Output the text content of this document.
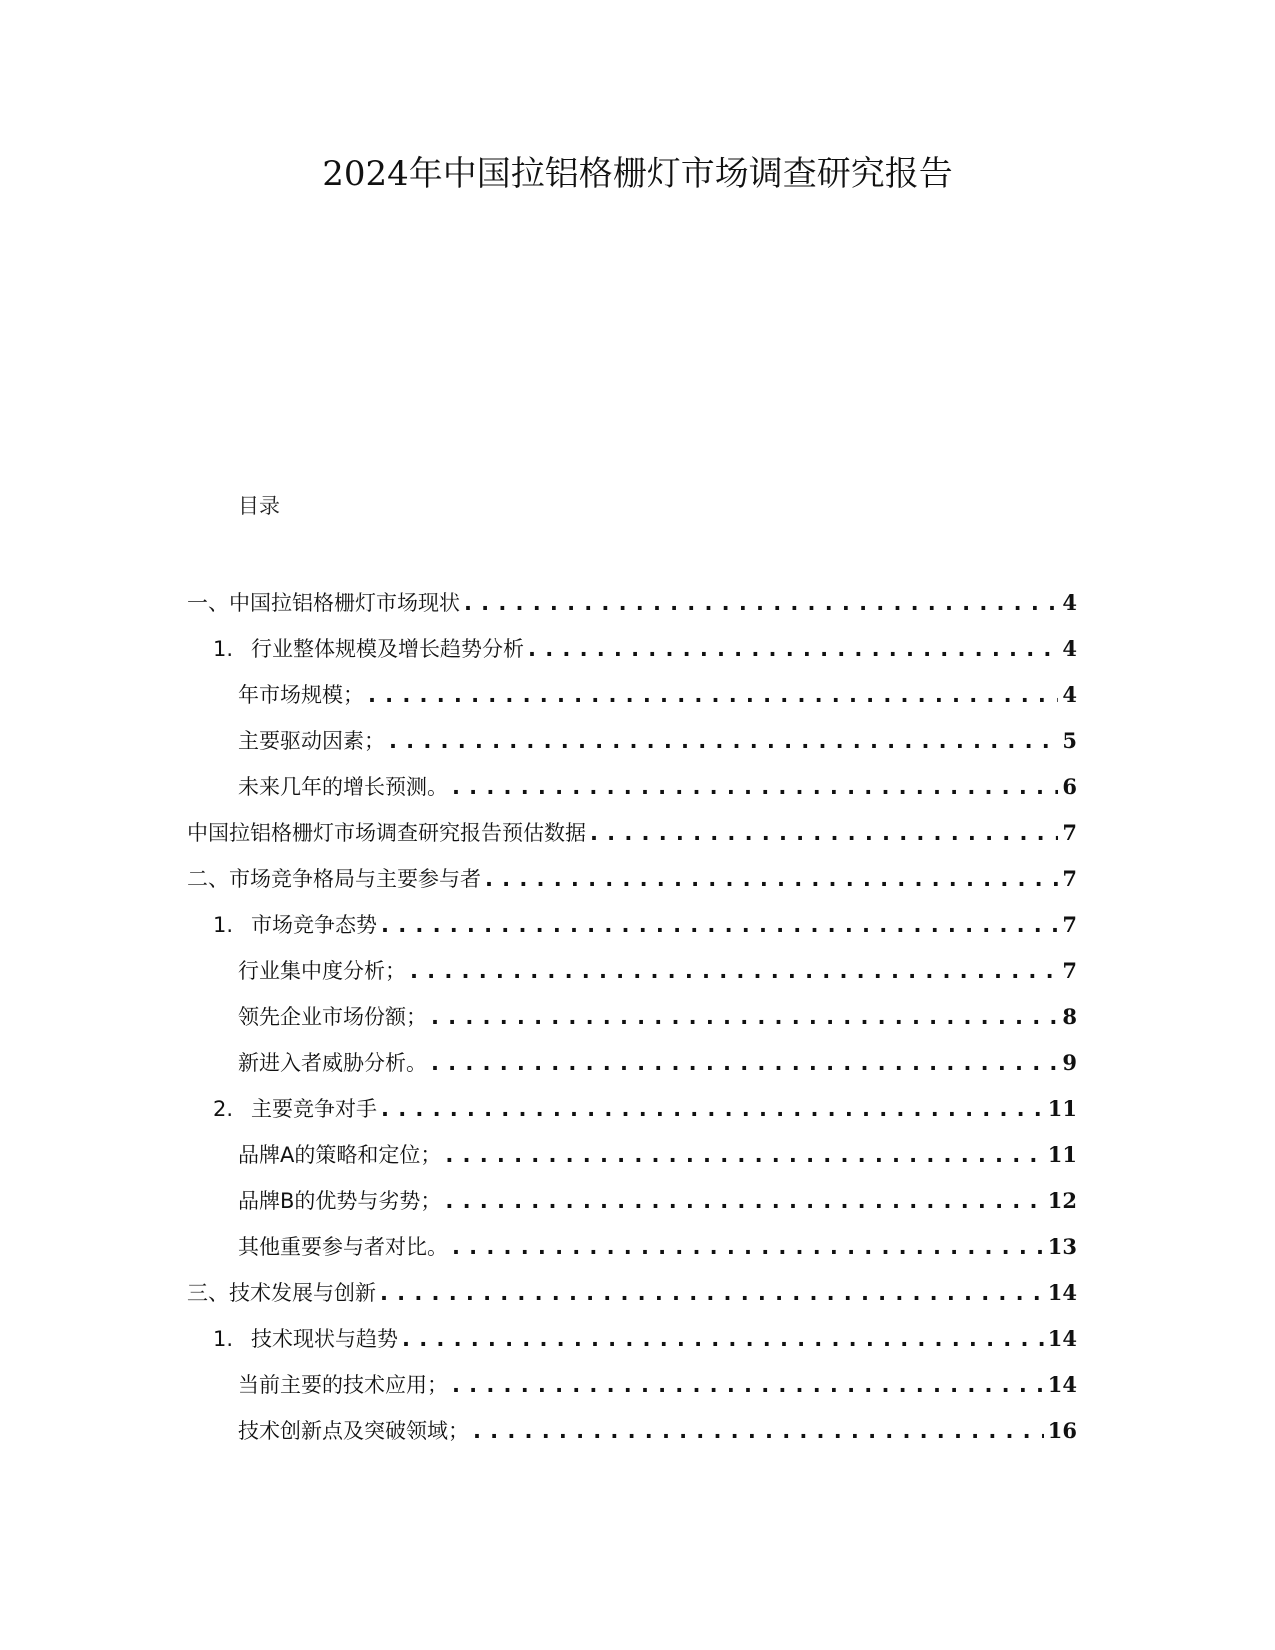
2024年中国拉铝格栅灯市场调查研究报告
目录
一、中国拉铝格栅灯市场现状 .....	4
1. 行业整体规模及增长趋势分析 .....	4
年市场规模； .....	4
主要驱动因素； .....	5
未来几年的增长预测。 .....	6
中国拉铝格栅灯市场调查研究报告预估数据 .....	7
二、市场竞争格局与主要参与者 .....	7
1. 市场竞争态势 .....	7
行业集中度分析； .....	7
领先企业市场份额； .....	8
新进入者威胁分析。 .....	9
2. 主要竞争对手 .....	11
品牌A的策略和定位； .....	11
品牌B的优势与劣势； .....	12
其他重要参与者对比。 .....	13
三、技术发展与创新 .....	14
1. 技术现状与趋势 .....	14
当前主要的技术应用； .....	14
技术创新点及突破领域； .....	16
